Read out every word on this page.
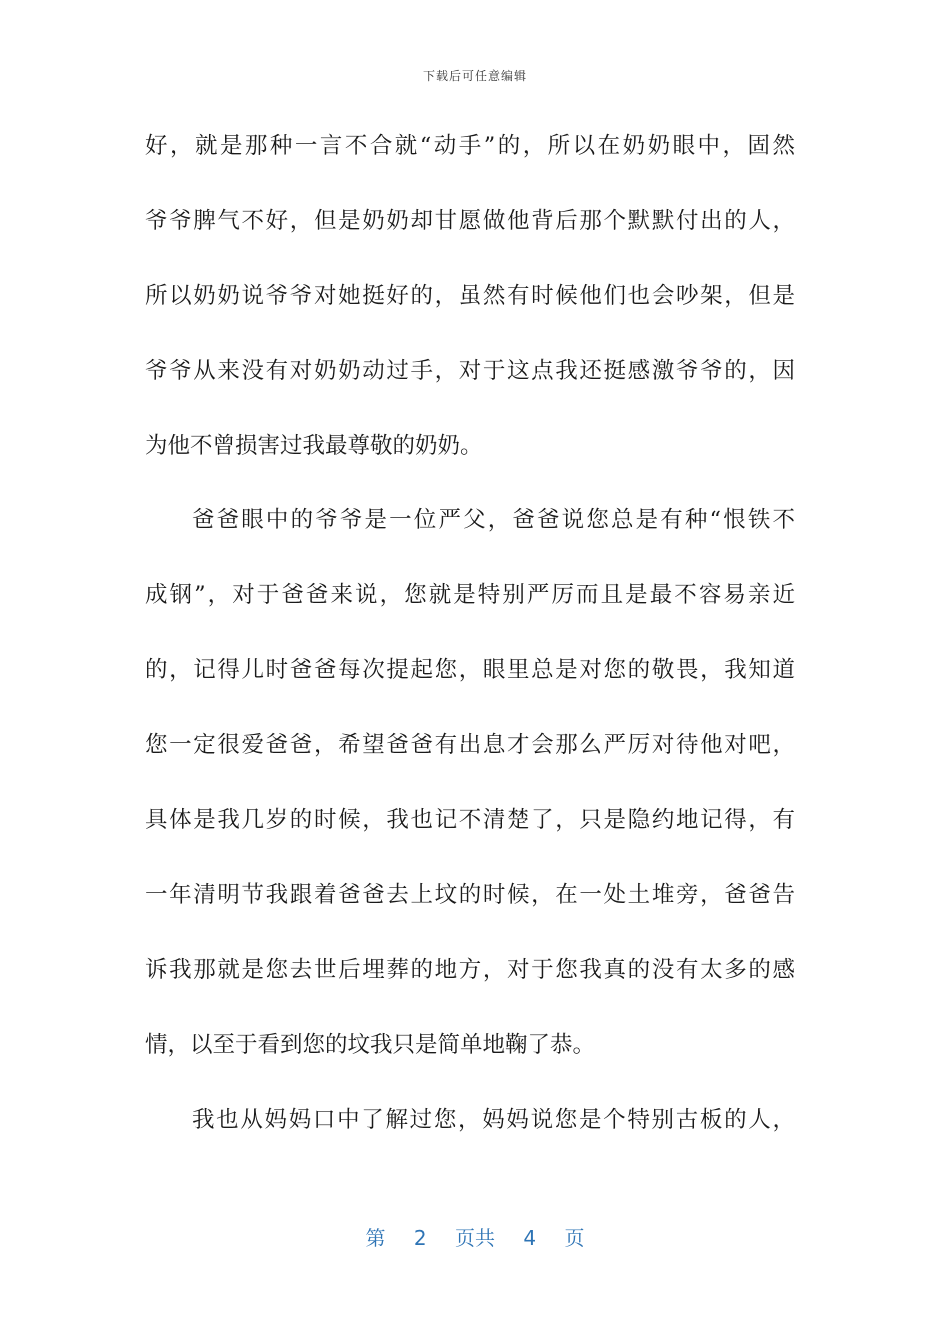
下载后可任意编辑
好，就是那种一言不合就“动手”的，所以在奶奶眼中，固然
爷爷脾气不好，但是奶奶却甘愿做他背后那个默默付出的人，
所以奶奶说爷爷对她挺好的，虽然有时候他们也会吵架，但是
爷爷从来没有对奶奶动过手，对于这点我还挺感激爷爷的，因
为他不曾损害过我最尊敬的奶奶。
爸爸眼中的爷爷是一位严父，爸爸说您总是有种“恨铁不
成钢”，对于爸爸来说，您就是特别严厉而且是最不容易亲近
的，记得儿时爸爸每次提起您，眼里总是对您的敬畏，我知道
您一定很爱爸爸，希望爸爸有出息才会那么严厉对待他对吧，
具体是我几岁的时候，我也记不清楚了，只是隐约地记得，有
一年清明节我跟着爸爸去上坟的时候，在一处土堆旁，爸爸告
诉我那就是您去世后埋葬的地方，对于您我真的没有太多的感
情，以至于看到您的坟我只是简单地鞠了恭。
我也从妈妈口中了解过您，妈妈说您是个特别古板的人，
第 2 页共 4 页
